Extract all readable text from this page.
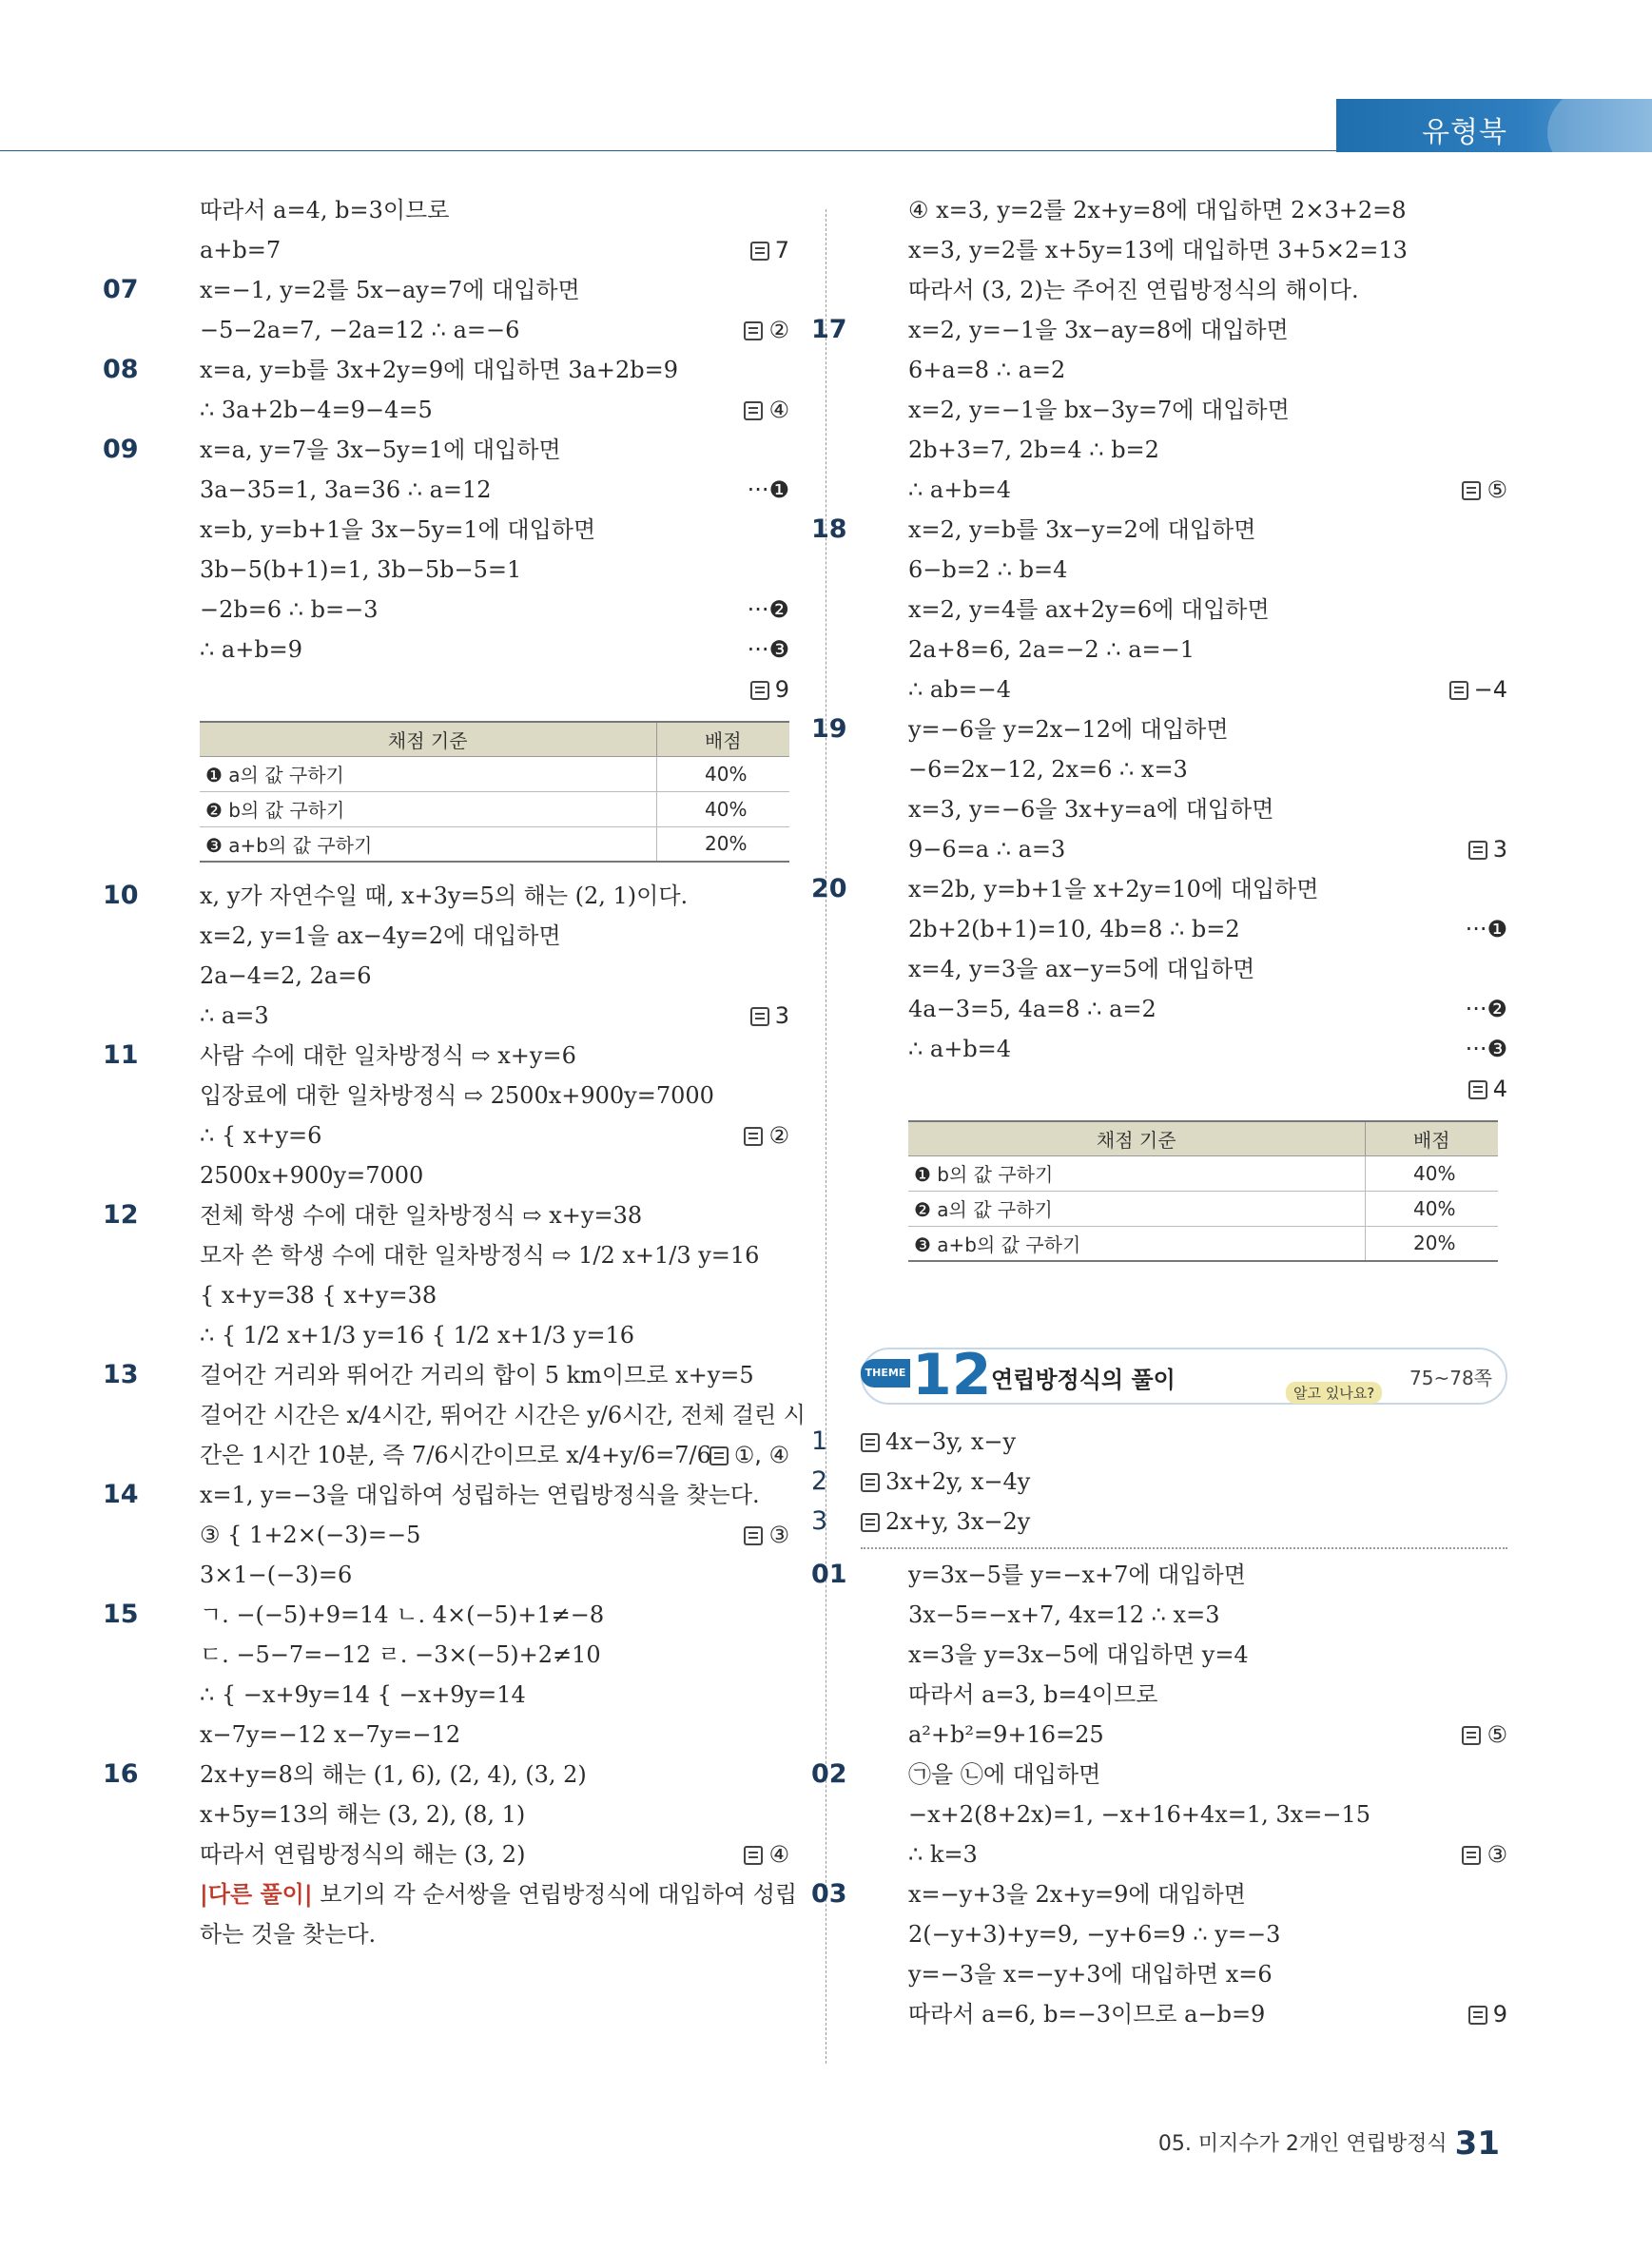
유형북
따라서 a=4, b=3이므로
a+b=7	7
07	x=−1, y=2를 5x−ay=7에 대입하면
−5−2a=7, −2a=12 ∴ a=−6	②
08	x=a, y=b를 3x+2y=9에 대입하면 3a+2b=9
∴ 3a+2b−4=9−4=5	④
09	x=a, y=7을 3x−5y=1에 대입하면
3a−35=1, 3a=36 ∴ a=12	···❶
x=b, y=b+1을 3x−5y=1에 대입하면
3b−5(b+1)=1, 3b−5b−5=1
−2b=6 ∴ b=−3	···❷
∴ a+b=9	···❸
9
채점 기준	배점
❶ a의 값 구하기	40%
❷ b의 값 구하기	40%
❸ a+b의 값 구하기	20%
10	x, y가 자연수일 때, x+3y=5의 해는 (2, 1)이다.
x=2, y=1을 ax−4y=2에 대입하면
2a−4=2, 2a=6
∴ a=3	3
11	사람 수에 대한 일차방정식 ⇨ x+y=6
입장료에 대한 일차방정식 ⇨ 2500x+900y=7000
∴ { x+y=6	②
2500x+900y=7000
12	전체 학생 수에 대한 일차방정식 ⇨ x+y=38
모자 쓴 학생 수에 대한 일차방정식 ⇨ 1/2 x+1/3 y=16
{ x+y=38 { x+y=38
∴ { 1/2 x+1/3 y=16 { 1/2 x+1/3 y=16
13	걸어간 거리와 뛰어간 거리의 합이 5 km이므로 x+y=5
걸어간 시간은 x/4시간, 뛰어간 시간은 y/6시간, 전체 걸린 시
간은 1시간 10분, 즉 7/6시간이므로 x/4+y/6=7/6 ①, ④
14	x=1, y=−3을 대입하여 성립하는 연립방정식을 찾는다.
③ { 1+2×(−3)=−5	③
3×1−(−3)=6
15	ㄱ. −(−5)+9=14 ㄴ. 4×(−5)+1≠−8
ㄷ. −5−7=−12 ㄹ. −3×(−5)+2≠10
∴ { −x+9y=14 { −x+9y=14
x−7y=−12 x−7y=−12
16	2x+y=8의 해는 (1, 6), (2, 4), (3, 2)
x+5y=13의 해는 (3, 2), (8, 1)
따라서 연립방정식의 해는 (3, 2)	④
|다른 풀이| 보기의 각 순서쌍을 연립방정식에 대입하여 성립
하는 것을 찾는다.
④ x=3, y=2를 2x+y=8에 대입하면 2×3+2=8
x=3, y=2를 x+5y=13에 대입하면 3+5×2=13
따라서 (3, 2)는 주어진 연립방정식의 해이다.
17	x=2, y=−1을 3x−ay=8에 대입하면
6+a=8 ∴ a=2
x=2, y=−1을 bx−3y=7에 대입하면
2b+3=7, 2b=4 ∴ b=2
∴ a+b=4	⑤
18	x=2, y=b를 3x−y=2에 대입하면
6−b=2 ∴ b=4
x=2, y=4를 ax+2y=6에 대입하면
2a+8=6, 2a=−2 ∴ a=−1
∴ ab=−4	−4
19	y=−6을 y=2x−12에 대입하면
−6=2x−12, 2x=6 ∴ x=3
x=3, y=−6을 3x+y=a에 대입하면
9−6=a ∴ a=3	3
20	x=2b, y=b+1을 x+2y=10에 대입하면
2b+2(b+1)=10, 4b=8 ∴ b=2	···❶
x=4, y=3을 ax−y=5에 대입하면
4a−3=5, 4a=8 ∴ a=2	···❷
∴ a+b=4	···❸
4
채점 기준	배점
❶ b의 값 구하기	40%
❷ a의 값 구하기	40%
❸ a+b의 값 구하기	20%
THEME 12 연립방정식의 풀이	알고 있나요?
75~78쪽
1	4x−3y, x−y
2	3x+2y, x−4y
3	2x+y, 3x−2y
01	y=3x−5를 y=−x+7에 대입하면
3x−5=−x+7, 4x=12 ∴ x=3
x=3을 y=3x−5에 대입하면 y=4
따라서 a=3, b=4이므로
a²+b²=9+16=25	⑤
02	㉠을 ㉡에 대입하면
−x+2(8+2x)=1, −x+16+4x=1, 3x=−15
∴ k=3	③
03	x=−y+3을 2x+y=9에 대입하면
2(−y+3)+y=9, −y+6=9 ∴ y=−3
y=−3을 x=−y+3에 대입하면 x=6
따라서 a=6, b=−3이므로 a−b=9	9
05. 미지수가 2개인 연립방정식 31
